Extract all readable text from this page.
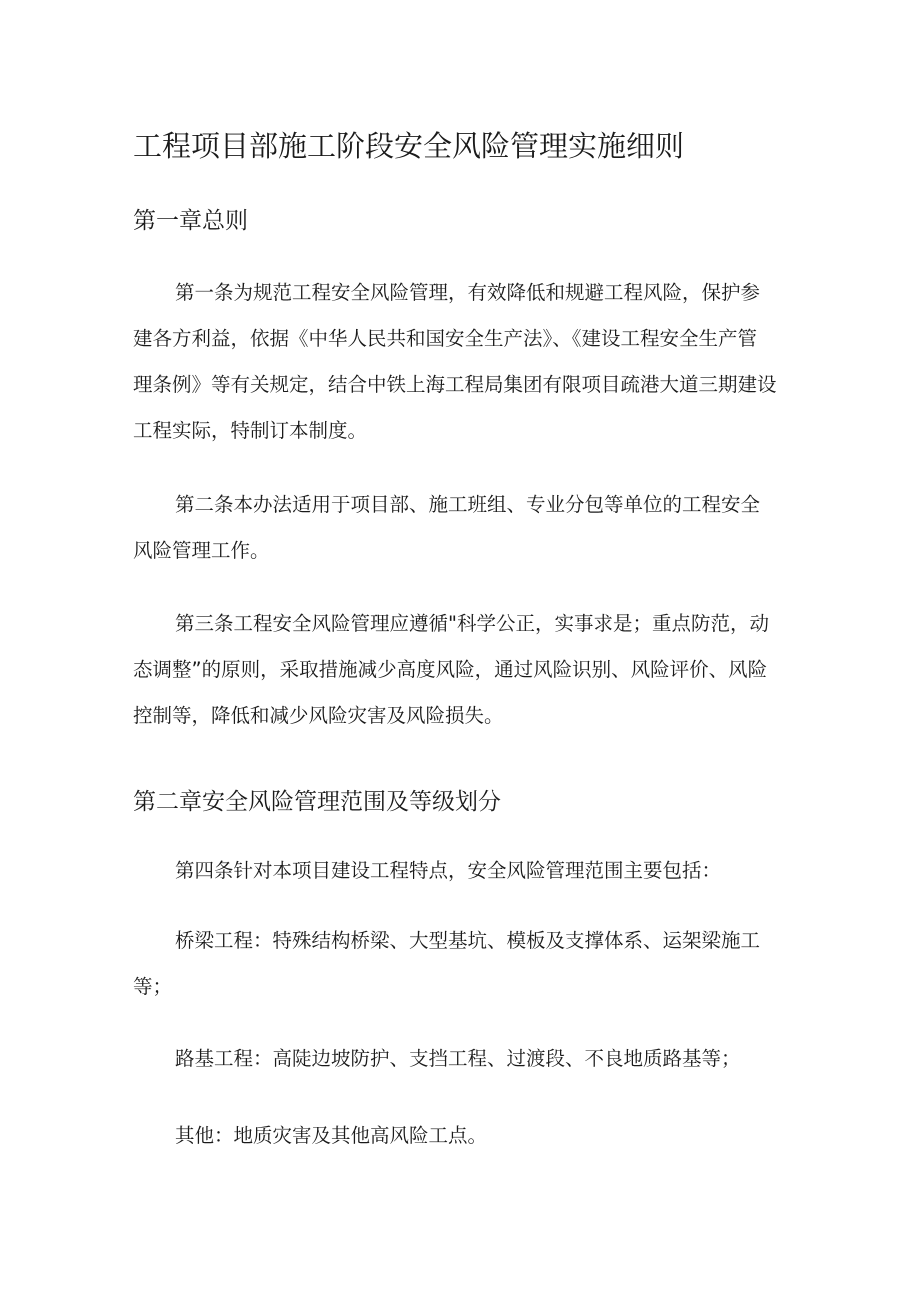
工程项目部施工阶段安全风险管理实施细则
第一章总则
第一条为规范工程安全风险管理，有效降低和规避工程风险，保护参
建各方利益，依据《中华人民共和国安全生产法》、《建设工程安全生产管
理条例》等有关规定，结合中铁上海工程局集团有限项目疏港大道三期建设
工程实际，特制订本制度。
第二条本办法适用于项目部、施工班组、专业分包等单位的工程安全
风险管理工作。
第三条工程安全风险管理应遵循"科学公正，实事求是；重点防范，动
态调整”的原则，采取措施减少高度风险，通过风险识别、风险评价、风险
控制等，降低和减少风险灾害及风险损失。
第二章安全风险管理范围及等级划分
第四条针对本项目建设工程特点，安全风险管理范围主要包括：
桥梁工程：特殊结构桥梁、大型基坑、模板及支撑体系、运架梁施工
等；
路基工程：高陡边坡防护、支挡工程、过渡段、不良地质路基等；
其他：地质灾害及其他高风险工点。
